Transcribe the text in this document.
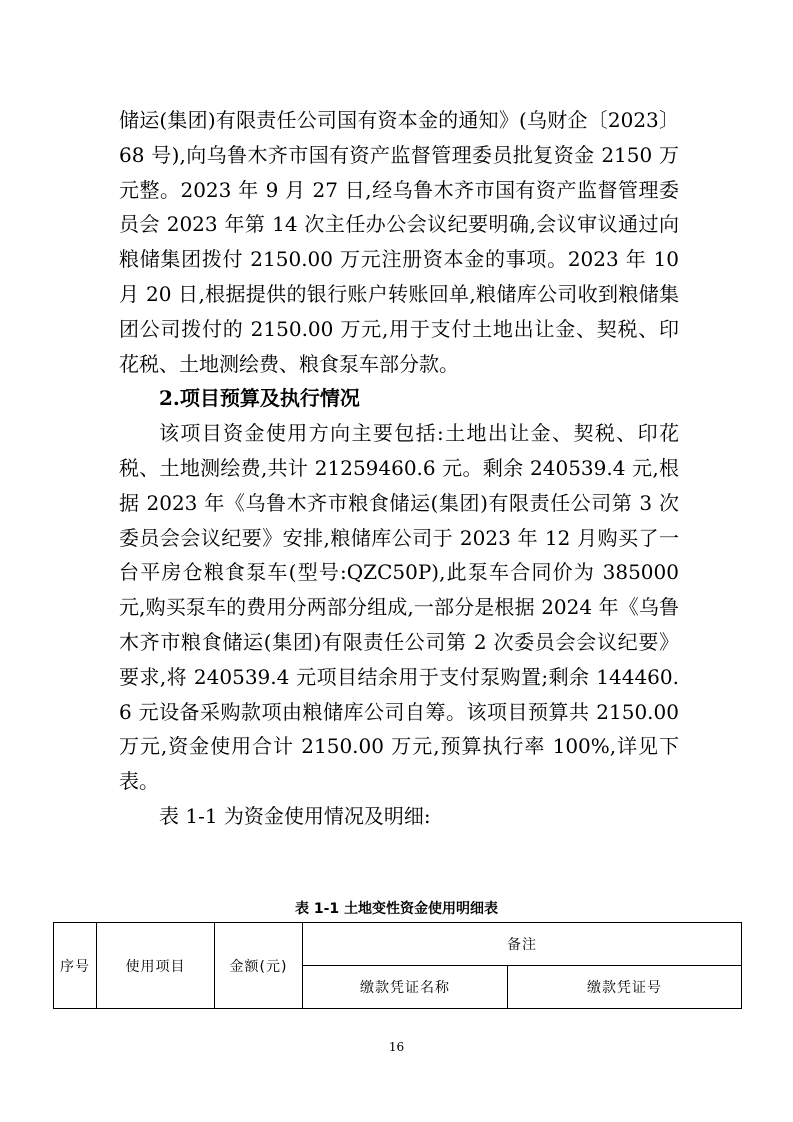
储运(集团)有限责任公司国有资本金的通知》(乌财企〔2023〕68 号),向乌鲁木齐市国有资产监督管理委员批复资金 2150 万元整。2023 年 9 月 27 日,经乌鲁木齐市国有资产监督管理委员会 2023 年第 14 次主任办公会议纪要明确,会议审议通过向粮储集团拨付 2150.00 万元注册资本金的事项。2023 年 10 月 20 日,根据提供的银行账户转账回单,粮储库公司收到粮储集团公司拨付的 2150.00 万元,用于支付土地出让金、契税、印花税、土地测绘费、粮食泵车部分款。

2.项目预算及执行情况

该项目资金使用方向主要包括:土地出让金、契税、印花税、土地测绘费,共计 21259460.6 元。剩余 240539.4 元,根据 2023 年《乌鲁木齐市粮食储运(集团)有限责任公司第 3 次委员会会议纪要》安排,粮储库公司于 2023 年 12 月购买了一台平房仓粮食泵车(型号:QZC50P),此泵车合同价为 385000 元,购买泵车的费用分两部分组成,一部分是根据 2024 年《乌鲁木齐市粮食储运(集团)有限责任公司第 2 次委员会会议纪要》要求,将 240539.4 元项目结余用于支付泵购置;剩余 144460.6 元设备采购款项由粮储库公司自筹。该项目预算共 2150.00 万元,资金使用合计 2150.00 万元,预算执行率 100%,详见下表。

表 1-1 为资金使用情况及明细:

表 1-1 土地变性资金使用明细表
序号	使用项目	金额(元)	备注	
			缴款凭证名称	缴款凭证号
16
